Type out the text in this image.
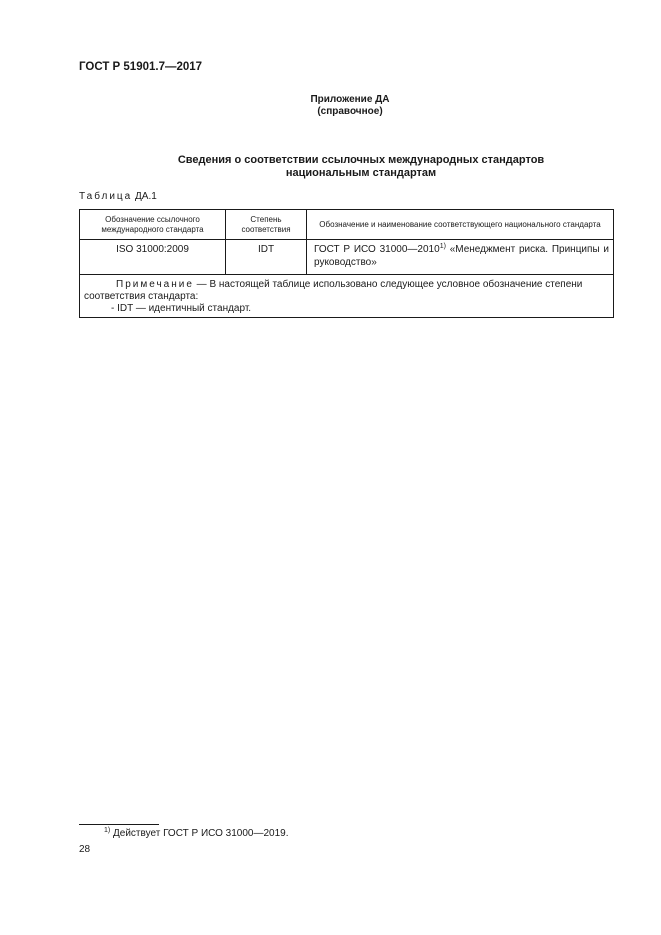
ГОСТ Р 51901.7—2017
Приложение ДА
(справочное)
Сведения о соответствии ссылочных международных стандартов
национальным стандартам
Таблица ДА.1
Обозначение ссылочного международного стандарта	Степень соответствия	Обозначение и наименование соответствующего национального стандарта
ISO 31000:2009	IDT	ГОСТ Р ИСО 31000—2010$^{1)}$ «Менеджмент риска. Принципы и руководство»

Примечание — В настоящей таблице использовано следующее условное обозначение степени соответствия стандарта:
- IDT — идентичный стандарт.		
$^{1)}$ Действует ГОСТ Р ИСО 31000—2019.
28
